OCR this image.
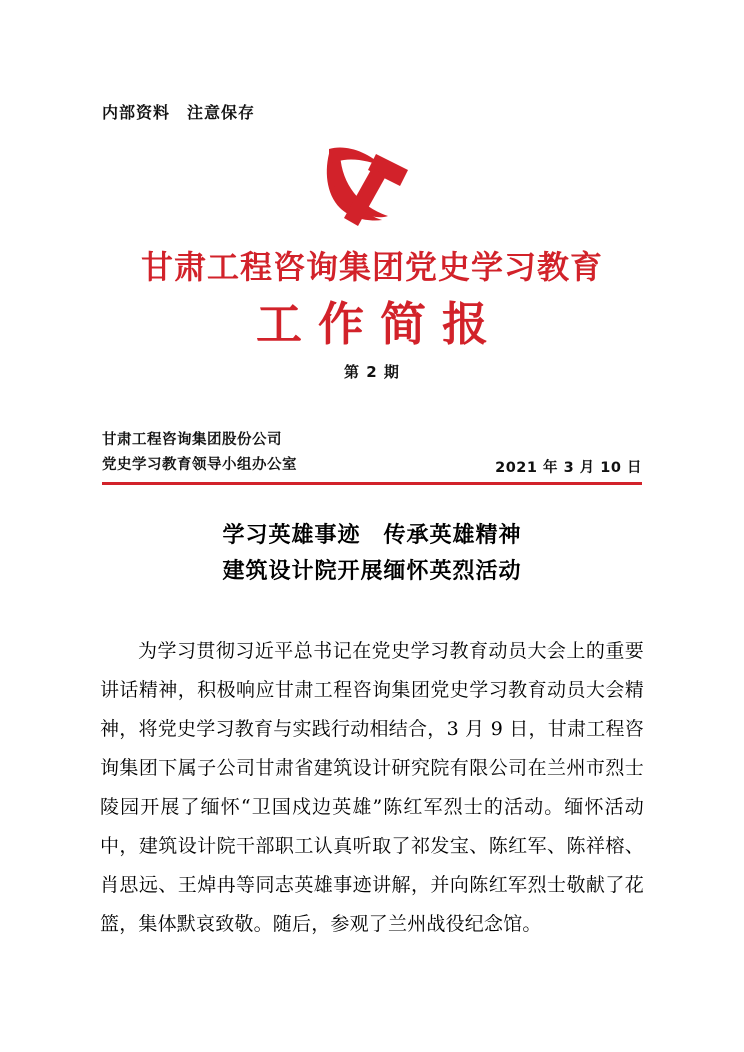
内部资料　注意保存
甘肃工程咨询集团党史学习教育
工作简报
第 2 期
甘肃工程咨询集团股份公司
党史学习教育领导小组办公室	2021 年 3 月 10 日
学习英雄事迹　传承英雄精神
建筑设计院开展缅怀英烈活动
为学习贯彻习近平总书记在党史学习教育动员大会上的重要讲话精神，积极响应甘肃工程咨询集团党史学习教育动员大会精神，将党史学习教育与实践行动相结合，3 月 9 日，甘肃工程咨询集团下属子公司甘肃省建筑设计研究院有限公司在兰州市烈士陵园开展了缅怀“卫国戍边英雄”陈红军烈士的活动。缅怀活动中，建筑设计院干部职工认真听取了祁发宝、陈红军、陈祥榕、肖思远、王焯冉等同志英雄事迹讲解，并向陈红军烈士敬献了花篮，集体默哀致敬。随后，参观了兰州战役纪念馆。
